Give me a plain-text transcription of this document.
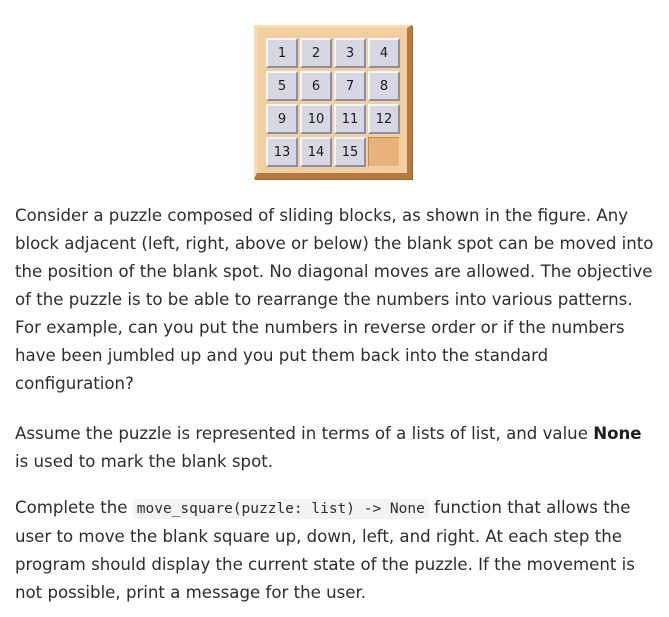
1	2	3	4
5	6	7	8
9	10	11	12
13	14	15

Consider a puzzle composed of sliding blocks, as shown in the figure. Any block adjacent (left, right, above or below) the blank spot can be moved into the position of the blank spot. No diagonal moves are allowed. The objective of the puzzle is to be able to rearrange the numbers into various patterns. For example, can you put the numbers in reverse order or if the numbers have been jumbled up and you put them back into the standard configuration?

Assume the puzzle is represented in terms of a lists of list, and value None is used to mark the blank spot.

Complete the move_square(puzzle: list) -> None function that allows the user to move the blank square up, down, left, and right. At each step the program should display the current state of the puzzle. If the movement is not possible, print a message for the user.
